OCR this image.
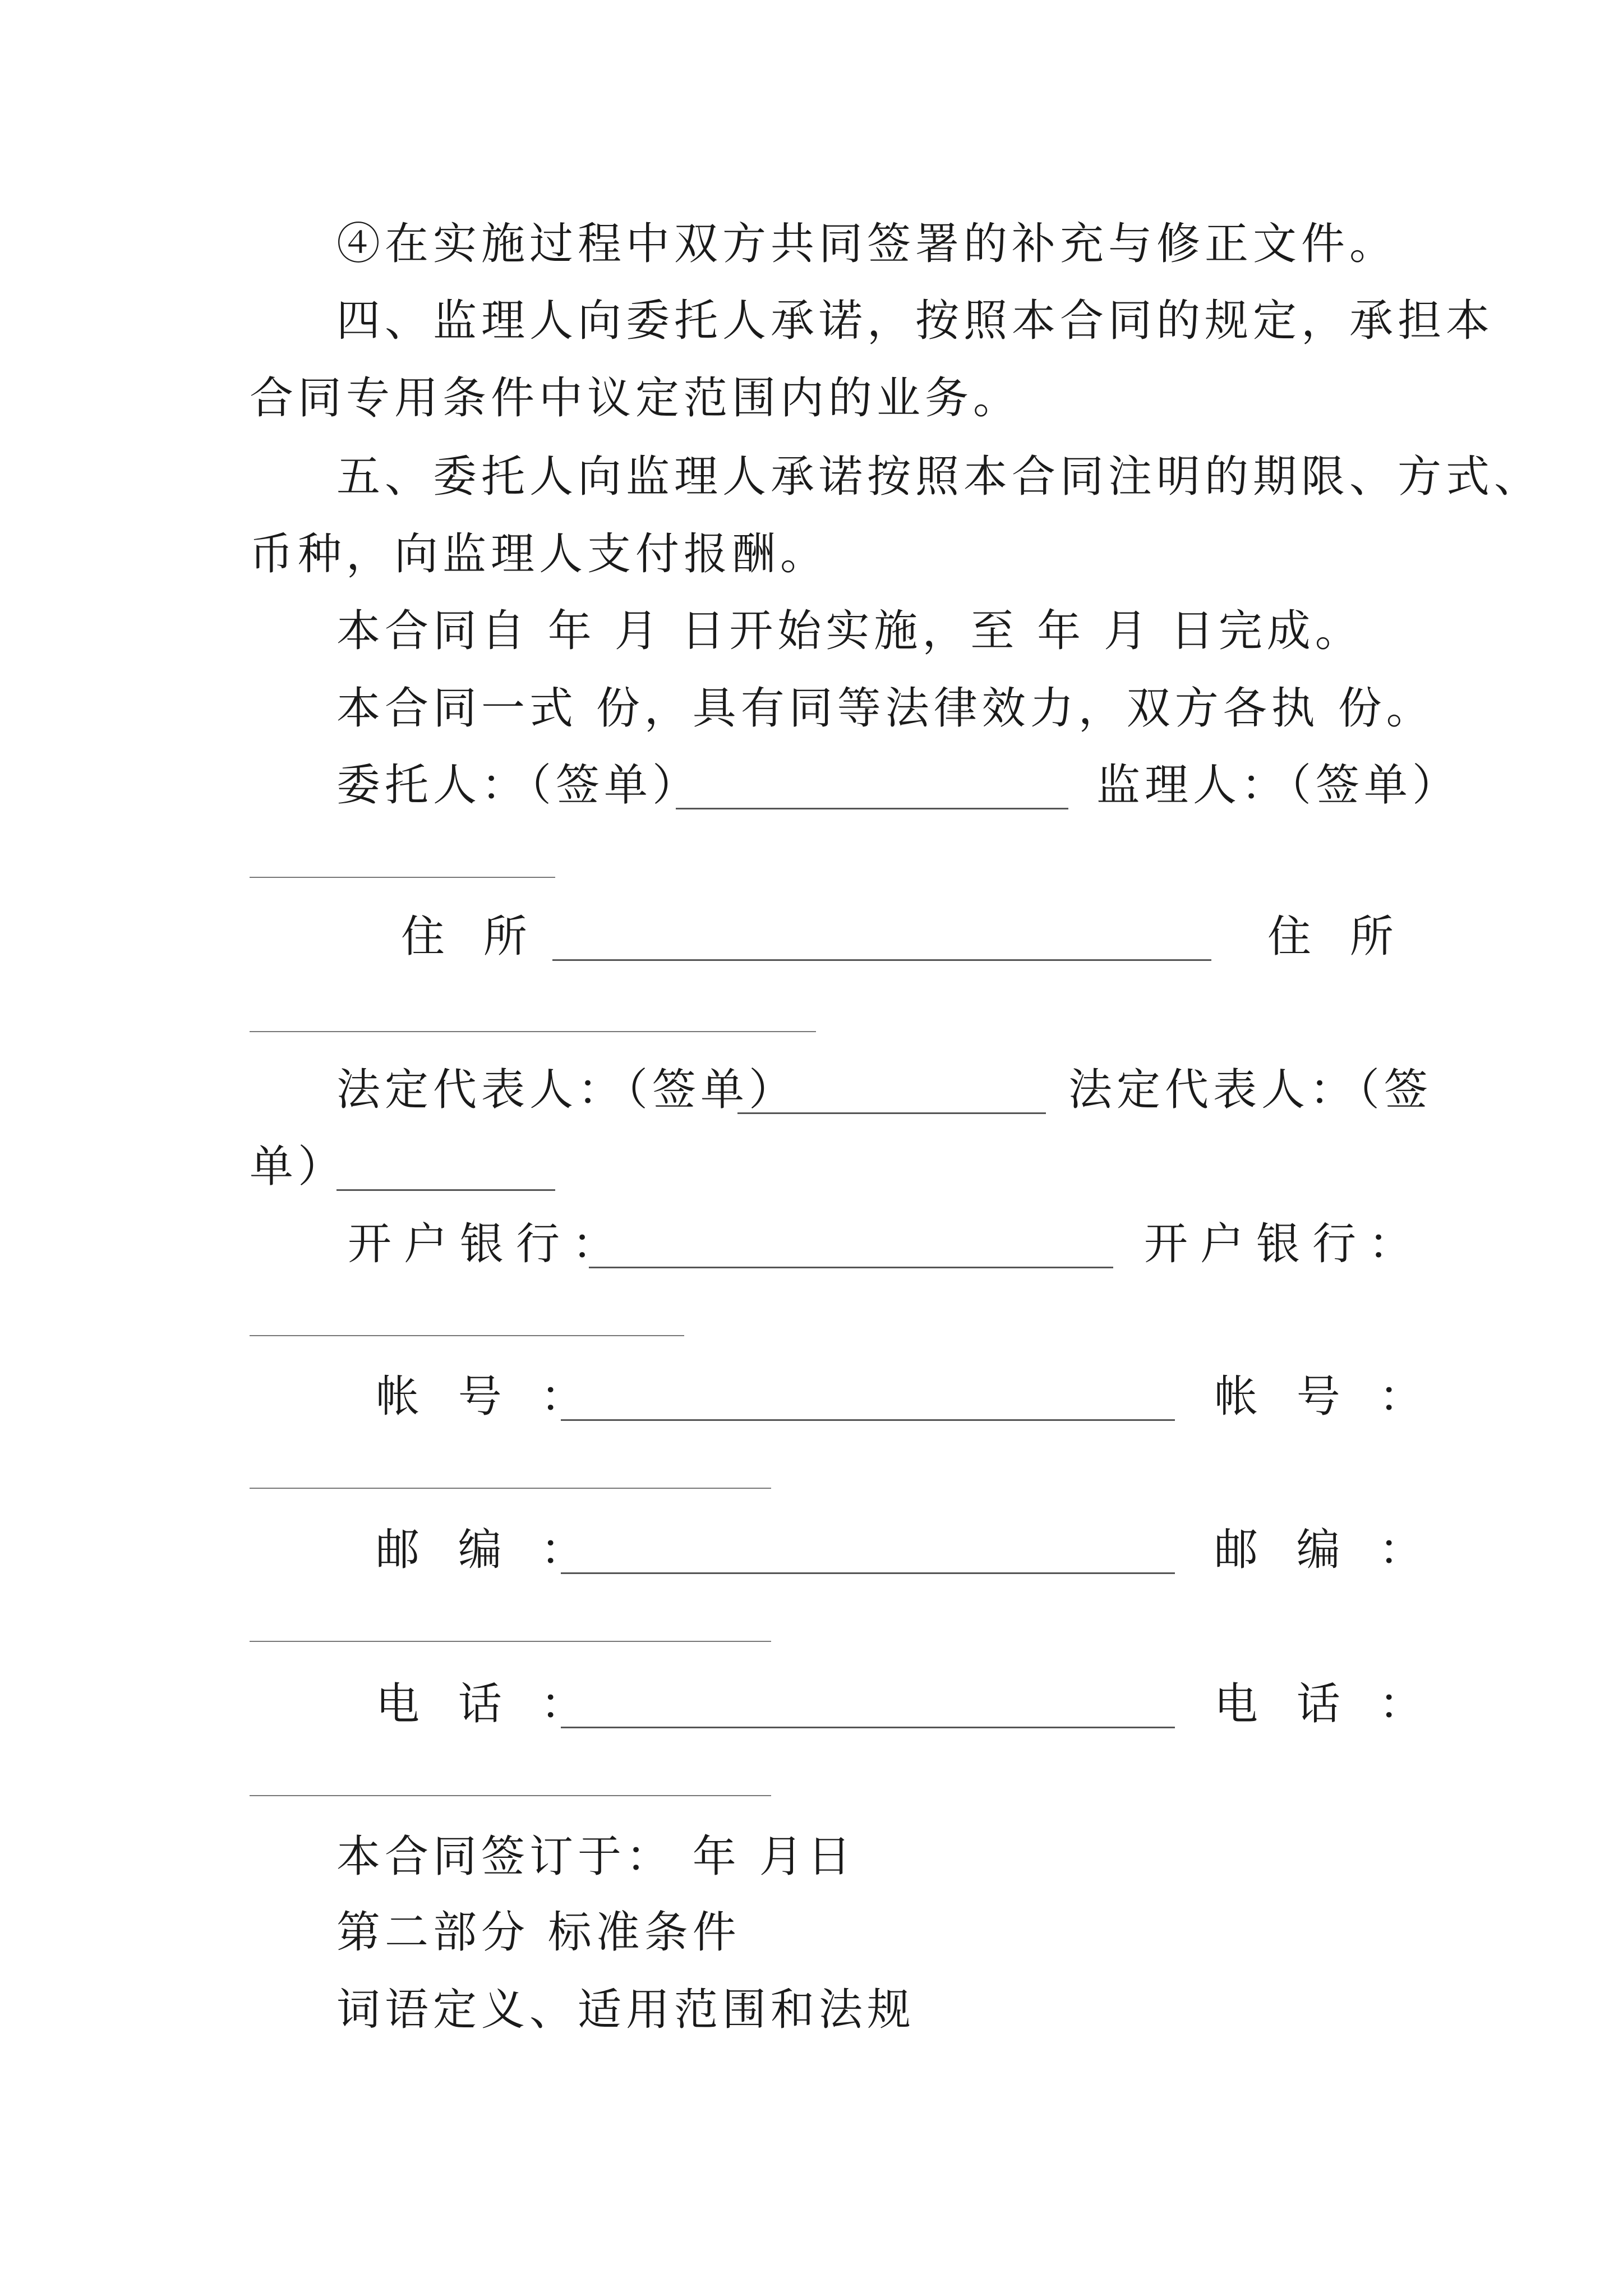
④在实施过程中双方共同签署的补充与修正文件。
四、监理人向委托人承诺，按照本合同的规定，承担本
合同专用条件中议定范围内的业务。
五、委托人向监理人承诺按照本合同注明的期限、方式、
币种，向监理人支付报酬。
本合同自 年 月 日开始实施，至 年 月 日完成。
本合同一式 份，具有同等法律效力，双方各执 份。
委托人：（签单）	监理人：（签单）
住 所	住 所
法定代表人：（签单）	法定代表人：（签
单）
开户银行：	开户银行：
帐 号 ：	帐 号 ：
邮 编 ：	邮 编 ：
电 话 ：	电 话 ：
本合同签订于： 年 月日
第二部分 标准条件
词语定义、适用范围和法规
